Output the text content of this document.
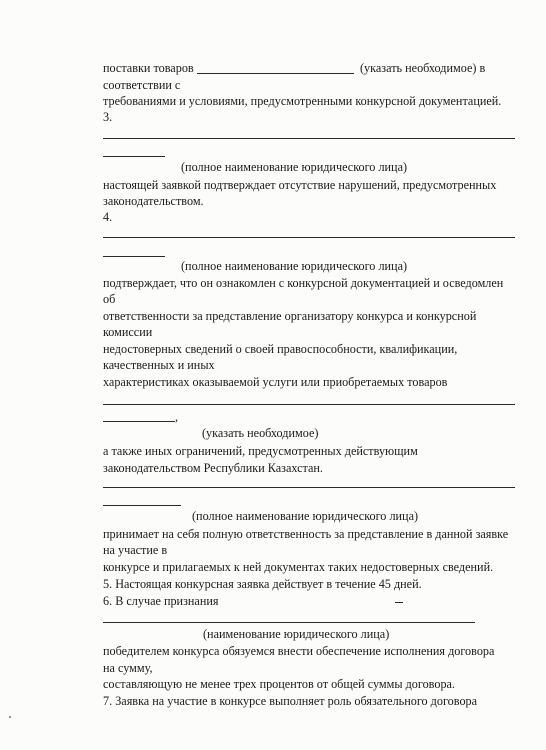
поставки товаров	(указать необходимое) в
соответствии с
требованиями и условиями, предусмотренными конкурсной документацией.
3.
(полное наименование юридического лица)
настоящей заявкой подтверждает отсутствие нарушений, предусмотренных
законодательством.
4.
(полное наименование юридического лица)
подтверждает, что он ознакомлен с конкурсной документацией и осведомлен
об
ответственности за представление организатору конкурса и конкурсной
комиссии
недостоверных сведений о своей правоспособности, квалификации,
качественных и иных
характеристиках оказываемой услуги или приобретаемых товаров
,
(указать необходимое)
а также иных ограничений, предусмотренных действующим
законодательством Республики Казахстан.
(полное наименование юридического лица)
принимает на себя полную ответственность за представление в данной заявке
на участие в
конкурсе и прилагаемых к ней документах таких недостоверных сведений.
5. Настоящая конкурсная заявка действует в течение 45 дней.
6. В случае признания
(наименование юридического лица)
победителем конкурса обязуемся внести обеспечение исполнения договора
на сумму,
составляющую не менее трех процентов от общей суммы договора.
7. Заявка на участие в конкурсе выполняет роль обязательного договора
